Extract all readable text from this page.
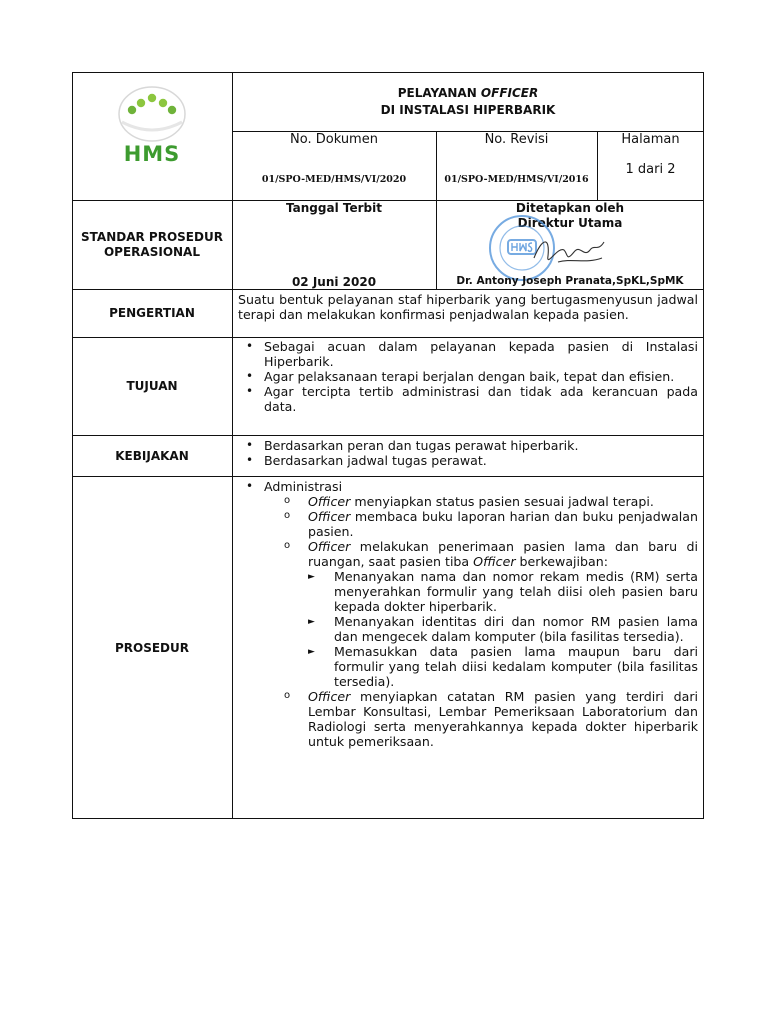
HMS
PELAYANAN OFFICER
DI INSTALASI HIPERBARIK
No. Dokumen
01/SPO-MED/HMS/VI/2020
No. Revisi
01/SPO-MED/HMS/VI/2016
Halaman
1 dari 2
STANDAR PROSEDUR
OPERASIONAL
Tanggal Terbit
02 Juni 2020
Ditetapkan oleh
Direktur Utama
Dr. Antony Joseph Pranata,SpKL,SpMK
PENGERTIAN
Suatu bentuk pelayanan staf hiperbarik yang bertugasmenyusun jadwal terapi dan melakukan konfirmasi penjadwalan kepada pasien.
TUJUAN
• Sebagai acuan dalam pelayanan kepada pasien di Instalasi Hiperbarik.
• Agar pelaksanaan terapi berjalan dengan baik, tepat dan efisien.
• Agar tercipta tertib administrasi dan tidak ada kerancuan pada data.
KEBIJAKAN
• Berdasarkan peran dan tugas perawat hiperbarik.
• Berdasarkan jadwal tugas perawat.
PROSEDUR
• Administrasi
o Officer menyiapkan status pasien sesuai jadwal terapi.
o Officer membaca buku laporan harian dan buku penjadwalan pasien.
o Officer melakukan penerimaan pasien lama dan baru di ruangan, saat pasien tiba Officer berkewajiban:
► Menanyakan nama dan nomor rekam medis (RM) serta menyerahkan formulir yang telah diisi oleh pasien baru kepada dokter hiperbarik.
► Menanyakan identitas diri dan nomor RM pasien lama dan mengecek dalam komputer (bila fasilitas tersedia).
► Memasukkan data pasien lama maupun baru dari formulir yang telah diisi kedalam komputer (bila fasilitas tersedia).
o Officer menyiapkan catatan RM pasien yang terdiri dari Lembar Konsultasi, Lembar Pemeriksaan Laboratorium dan Radiologi serta menyerahkannya kepada dokter hiperbarik untuk pemeriksaan.
